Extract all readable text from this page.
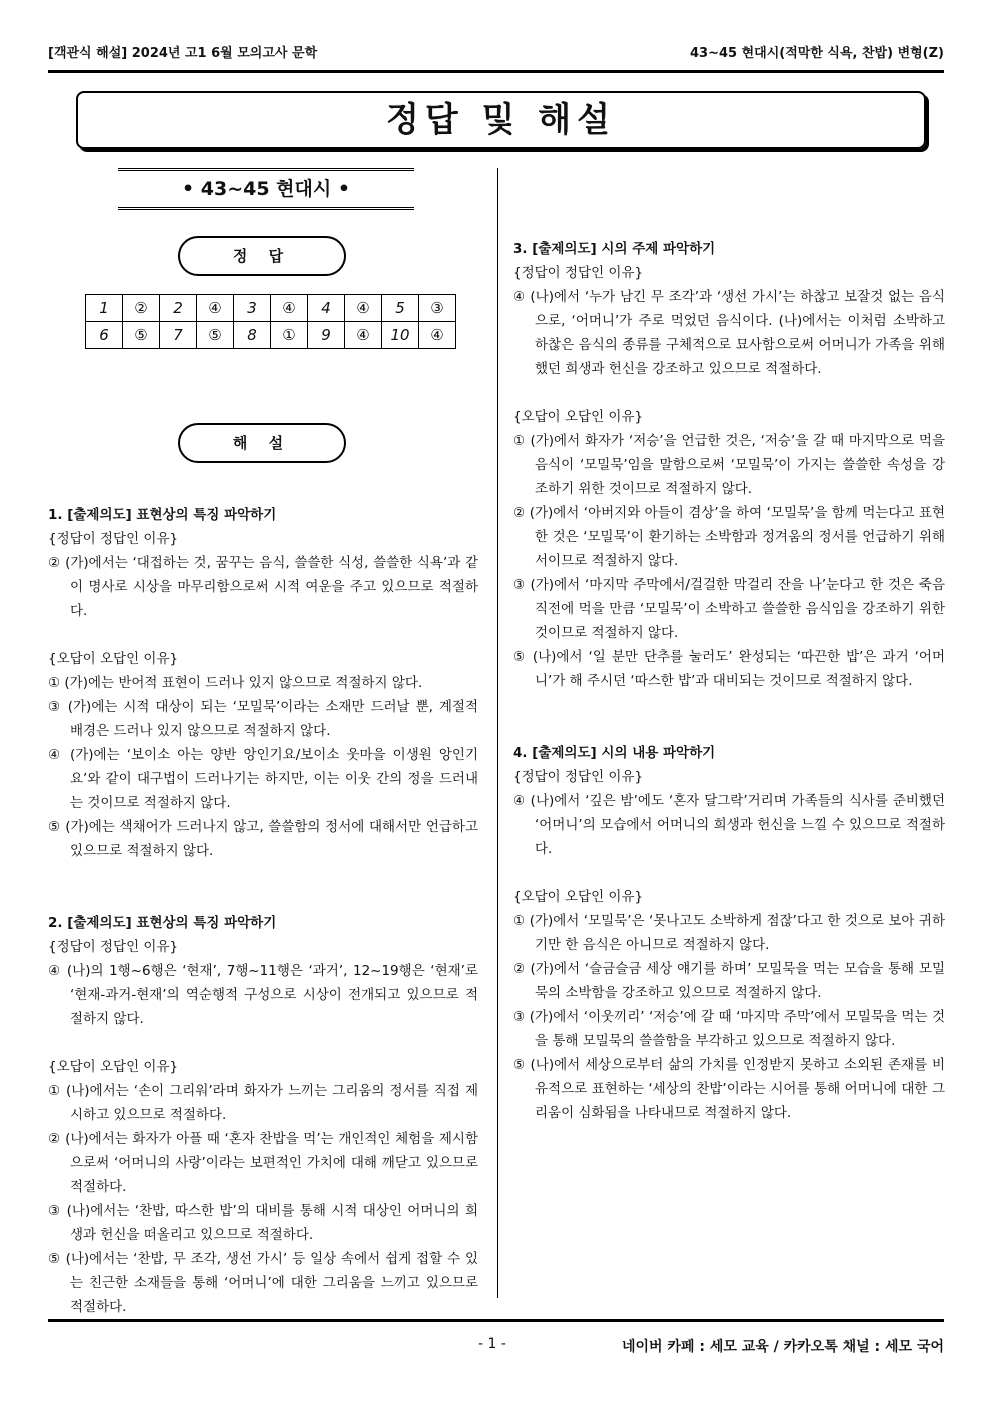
[객관식 해설] 2024년 고1 6월 모의고사 문학	43~45 현대시(적막한 식욕, 찬밥) 변형(Z)
정답 및 해설
• 43~45 현대시 •
정 답
1	②	2	④	3	④	4	④	5	③
6	⑤	7	⑤	8	①	9	④	10	④
해 설

1. [출제의도] 표현상의 특징 파악하기

{정답이 정답인 이유}

② (가)에서는 ‘대접하는 것, 꿈꾸는 음식, 쓸쓸한 식성, 쓸쓸한 식욕’과 같이 명사로 시상을 마무리함으로써 시적 여운을 주고 있으므로 적절하다.

{오답이 오답인 이유}

① (가)에는 반어적 표현이 드러나 있지 않으므로 적절하지 않다.

③ (가)에는 시적 대상이 되는 ‘모밀묵’이라는 소재만 드러날 뿐, 계절적 배경은 드러나 있지 않으므로 적절하지 않다.

④ (가)에는 ‘보이소 아는 양반 앙인기요/보이소 웃마을 이생원 앙인기요’와 같이 대구법이 드러나기는 하지만, 이는 이웃 간의 정을 드러내는 것이므로 적절하지 않다.

⑤ (가)에는 색채어가 드러나지 않고, 쓸쓸함의 정서에 대해서만 언급하고 있으므로 적절하지 않다.

2. [출제의도] 표현상의 특징 파악하기

{정답이 정답인 이유}

④ (나)의 1행~6행은 ‘현재’, 7행~11행은 ‘과거’, 12~19행은 ‘현재’로 ‘현재-과거-현재’의 역순행적 구성으로 시상이 전개되고 있으므로 적절하지 않다.

{오답이 오답인 이유}

① (나)에서는 ‘손이 그리워’라며 화자가 느끼는 그리움의 정서를 직접 제시하고 있으므로 적절하다.

② (나)에서는 화자가 아플 때 ‘혼자 찬밥을 먹’는 개인적인 체험을 제시함으로써 ‘어머니의 사랑’이라는 보편적인 가치에 대해 깨닫고 있으므로 적절하다.

③ (나)에서는 ‘찬밥, 따스한 밥’의 대비를 통해 시적 대상인 어머니의 희생과 헌신을 떠올리고 있으므로 적절하다.

⑤ (나)에서는 ‘찬밥, 무 조각, 생선 가시’ 등 일상 속에서 쉽게 접할 수 있는 친근한 소재들을 통해 ‘어머니’에 대한 그리움을 느끼고 있으므로 적절하다.

3. [출제의도] 시의 주제 파악하기

{정답이 정답인 이유}

④ (나)에서 ‘누가 남긴 무 조각’과 ‘생선 가시’는 하찮고 보잘것 없는 음식으로, ‘어머니’가 주로 먹었던 음식이다. (나)에서는 이처럼 소박하고 하찮은 음식의 종류를 구체적으로 묘사함으로써 어머니가 가족을 위해 했던 희생과 헌신을 강조하고 있으므로 적절하다.

{오답이 오답인 이유}

① (가)에서 화자가 ‘저승’을 언급한 것은, ‘저승’을 갈 때 마지막으로 먹을 음식이 ‘모밀묵’임을 말함으로써 ‘모밀묵’이 가지는 쓸쓸한 속성을 강조하기 위한 것이므로 적절하지 않다.

② (가)에서 ‘아버지와 아들이 겸상’을 하여 ‘모밀묵’을 함께 먹는다고 표현한 것은 ‘모밀묵’이 환기하는 소박함과 정겨움의 정서를 언급하기 위해서이므로 적절하지 않다.

③ (가)에서 ‘마지막 주막에서/걸걸한 막걸리 잔을 나’눈다고 한 것은 죽음 직전에 먹을 만큼 ‘모밀묵’이 소박하고 쓸쓸한 음식임을 강조하기 위한 것이므로 적절하지 않다.

⑤ (나)에서 ‘일 분만 단추를 눌러도’ 완성되는 ‘따끈한 밥’은 과거 ‘어머니’가 해 주시던 ‘따스한 밥’과 대비되는 것이므로 적절하지 않다.

4. [출제의도] 시의 내용 파악하기

{정답이 정답인 이유}

④ (나)에서 ‘깊은 밤’에도 ‘혼자 달그락’거리며 가족들의 식사를 준비했던 ‘어머니’의 모습에서 어머니의 희생과 헌신을 느낄 수 있으므로 적절하다.

{오답이 오답인 이유}

① (가)에서 ‘모밀묵’은 ‘못나고도 소박하게 점잖’다고 한 것으로 보아 귀하기만 한 음식은 아니므로 적절하지 않다.

② (가)에서 ‘슬금슬금 세상 얘기를 하며’ 모밀묵을 먹는 모습을 통해 모밀묵의 소박함을 강조하고 있으므로 적절하지 않다.

③ (가)에서 ‘이웃끼리’ ‘저승’에 갈 때 ‘마지막 주막’에서 모밀묵을 먹는 것을 통해 모밀묵의 쓸쓸함을 부각하고 있으므로 적절하지 않다.

⑤ (나)에서 세상으로부터 삶의 가치를 인정받지 못하고 소외된 존재를 비유적으로 표현하는 ‘세상의 찬밥’이라는 시어를 통해 어머니에 대한 그리움이 심화됨을 나타내므로 적절하지 않다.

- 1 -	네이버 카페 : 세모 교육 / 카카오톡 채널 : 세모 국어
